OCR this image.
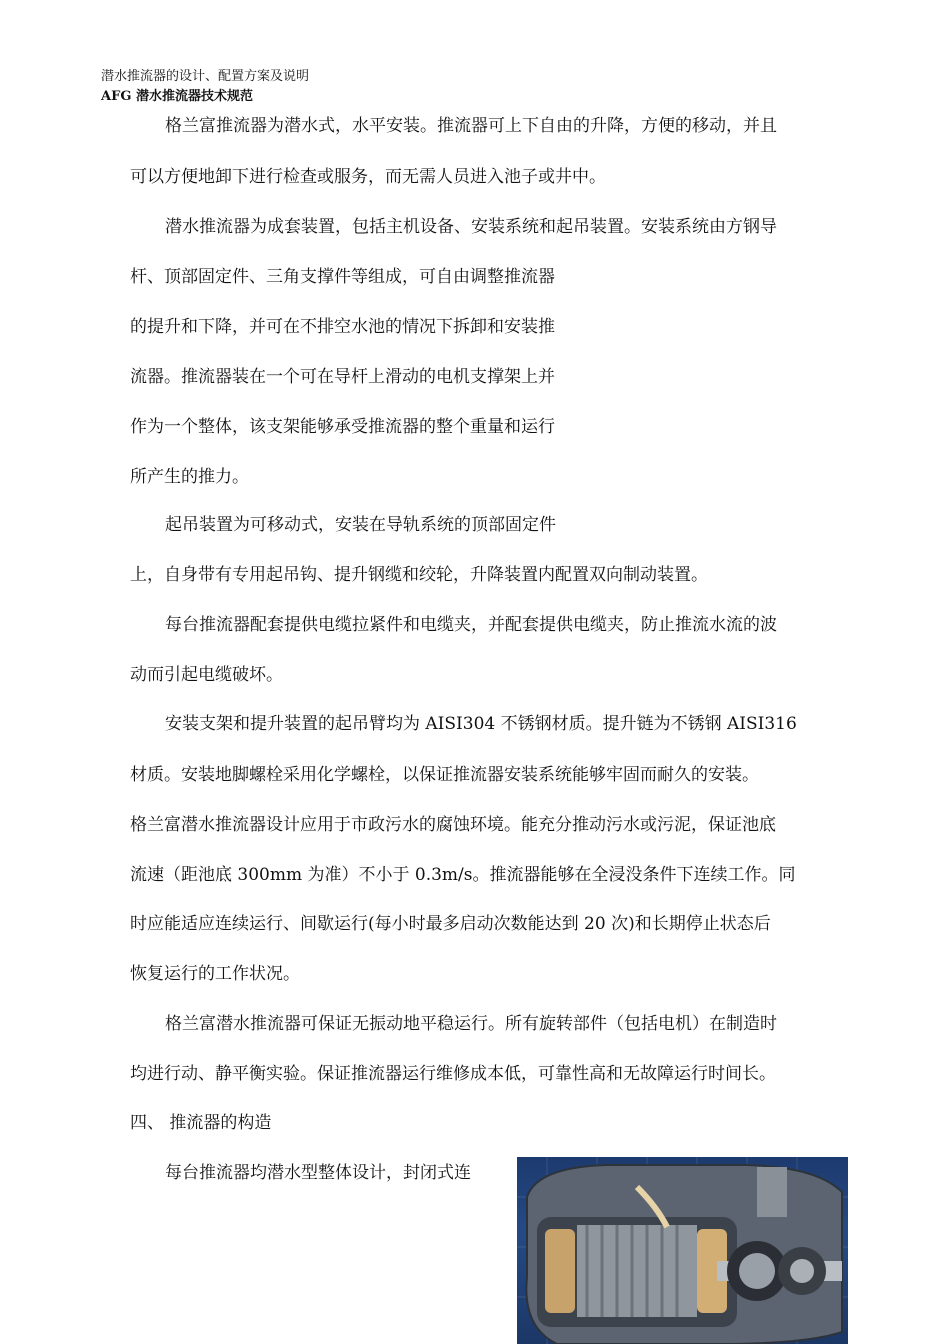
潜水推流器的设计、配置方案及说明
AFG 潜水推流器技术规范
格兰富推流器为潜水式，水平安装。推流器可上下自由的升降，方便的移动，并且
可以方便地卸下进行检查或服务，而无需人员进入池子或井中。
潜水推流器为成套装置，包括主机设备、安装系统和起吊装置。安装系统由方钢导
杆、顶部固定件、三角支撑件等组成，可自由调整推流器
的提升和下降，并可在不排空水池的情况下拆卸和安装推
流器。推流器装在一个可在导杆上滑动的电机支撑架上并
作为一个整体，该支架能够承受推流器的整个重量和运行
所产生的推力。
起吊装置为可移动式，安装在导轨系统的顶部固定件
上，自身带有专用起吊钩、提升钢缆和绞轮，升降装置内配置双向制动装置。
每台推流器配套提供电缆拉紧件和电缆夹，并配套提供电缆夹，防止推流水流的波
动而引起电缆破坏。
安装支架和提升装置的起吊臂均为 AISI304 不锈钢材质。提升链为不锈钢 AISI316
材质。安装地脚螺栓采用化学螺栓，以保证推流器安装系统能够牢固而耐久的安装。
格兰富潜水推流器设计应用于市政污水的腐蚀环境。能充分推动污水或污泥，保证池底
流速（距池底 300mm 为准）不小于 0.3m/s。推流器能够在全浸没条件下连续工作。同
时应能适应连续运行、间歇运行(每小时最多启动次数能达到 20 次)和长期停止状态后
恢复运行的工作状况。
格兰富潜水推流器可保证无振动地平稳运行。所有旋转部件（包括电机）在制造时
均进行动、静平衡实验。保证推流器运行维修成本低，可靠性高和无故障运行时间长。
四、 推流器的构造
每台推流器均潜水型整体设计，封闭式连
